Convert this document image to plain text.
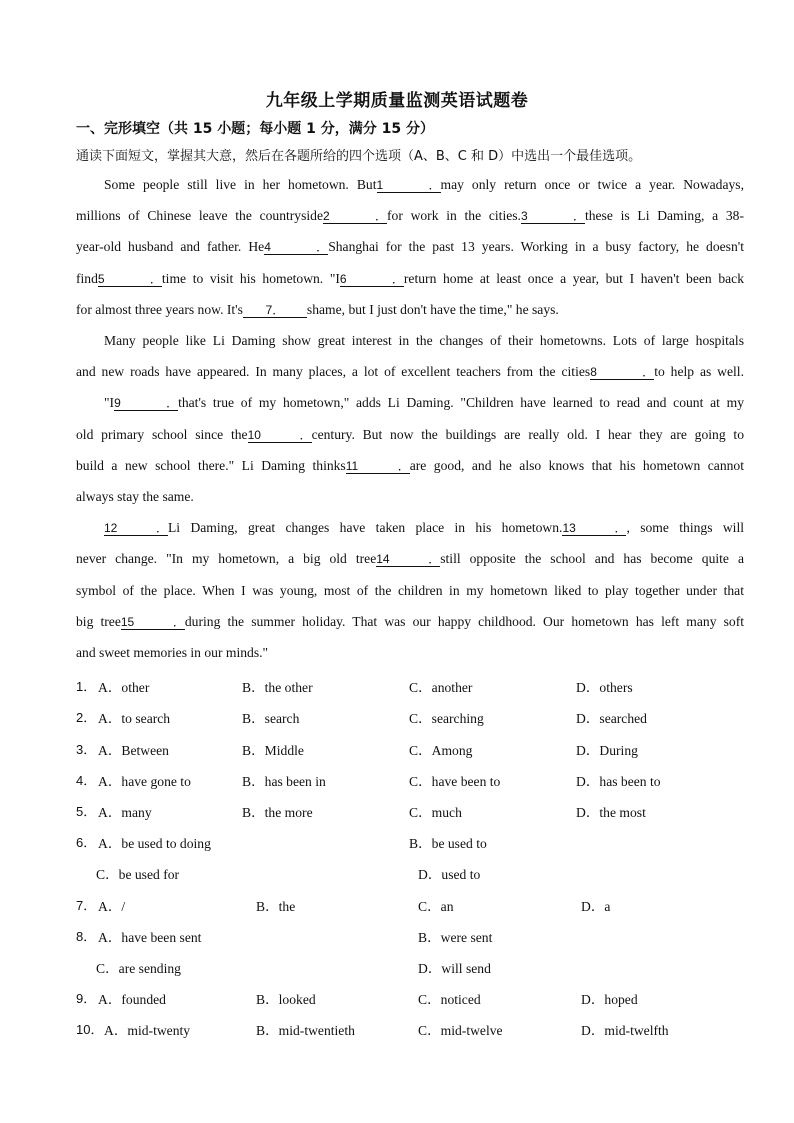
九年级上学期质量监测英语试题卷
一、完形填空（共 15 小题；每小题 1 分，满分 15 分）
通读下面短文，掌握其大意，然后在各题所给的四个选项（A、B、C 和 D）中选出一个最佳选项。
Some people still live in her hometown. But1．may only return once or twice a year. Nowadays,
millions of Chinese leave the countryside2．for work in the cities.3．these is Li Daming, a 38-
year-old husband and father. He4．Shanghai for the past 13 years. Working in a busy factory, he doesn't
find5．time to visit his hometown. "I6．return home at least once a year, but I haven't been back
for almost three years now. It's 7． shame, but I just don't have the time," he says.
Many people like Li Daming show great interest in the changes of their hometowns. Lots of large hospitals
and new roads have appeared. In many places, a lot of excellent teachers from the cities8．to help as well.
"I9．that's true of my hometown," adds Li Daming. "Children have learned to read and count at my
old primary school since the10．century. But now the buildings are really old. I hear they are going to
build a new school there." Li Daming thinks11．are good, and he also knows that his hometown cannot
always stay the same.
12．Li Daming, great changes have taken place in his hometown.13．, some things will
never change. "In my hometown, a big old tree14．still opposite the school and has become quite a
symbol of the place. When I was young, most of the children in my hometown liked to play together under that
big tree15．during the summer holiday. That was our happy childhood. Our hometown has left many soft
and sweet memories in our minds."
1． A．other	B．the other	C．another	D．others
2． A．to search	B．search	C．searching	D．searched
3． A．Between	B．Middle	C．Among	D．During
4． A．have gone to	B．has been in	C．have been to	D．has been to
5． A．many	B．the more	C．much	D．the most
6． A．be used to doing	B．be used to
C．be used for	D．used to
7． A．/	B．the	C．an	D．a
8． A．have been sent	B．were sent
C．are sending	D．will send
9． A．founded	B．looked	C．noticed	D．hoped
10． A．mid-twenty	B．mid-twentieth	C．mid-twelve	D．mid-twelfth
